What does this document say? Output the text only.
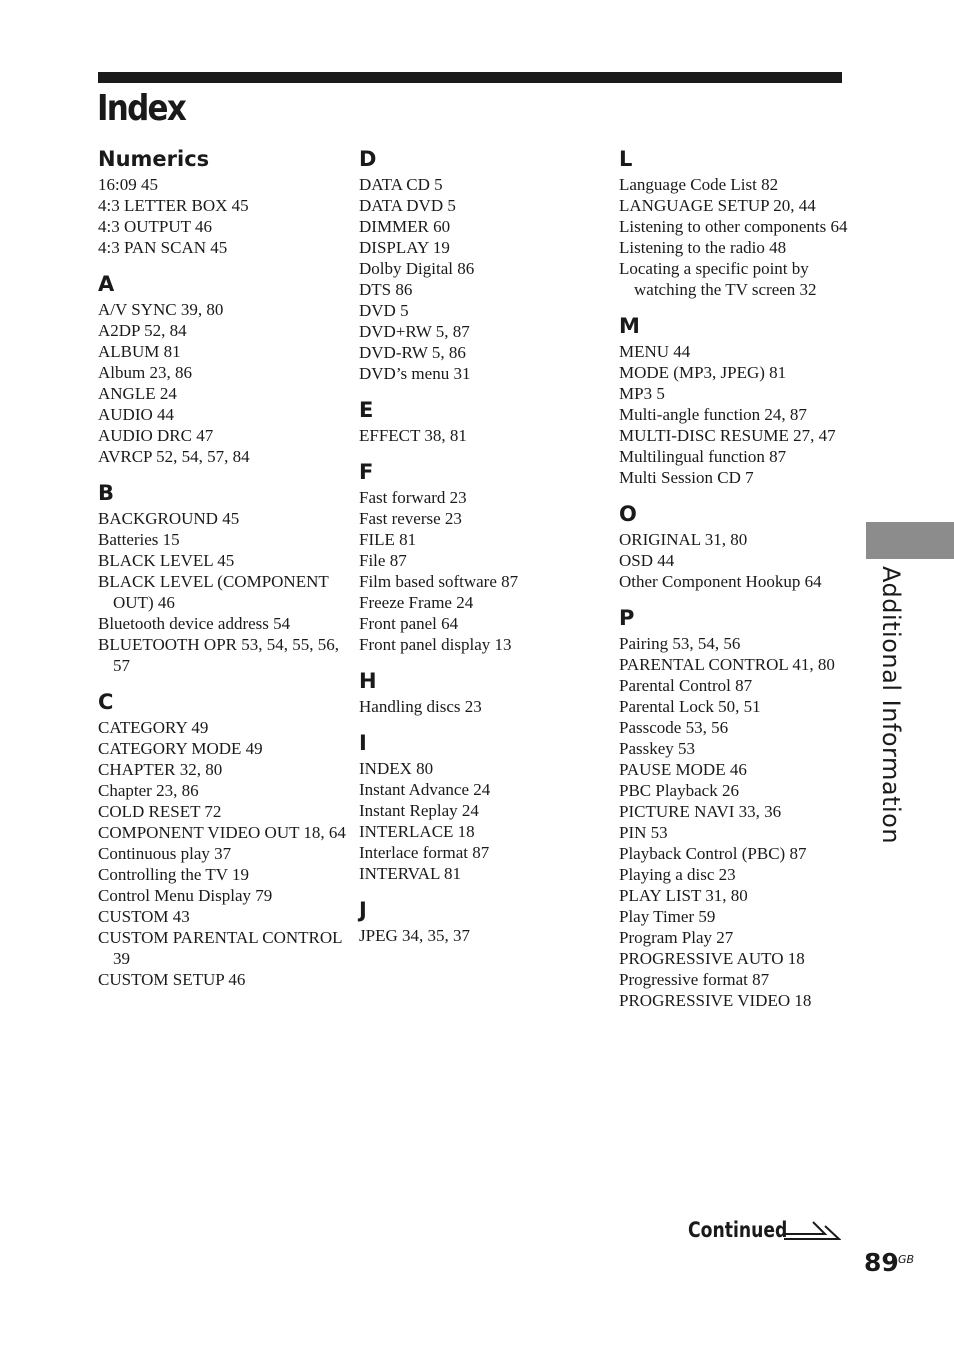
Index
Numerics
16:09 45
4:3 LETTER BOX 45
4:3 OUTPUT 46
4:3 PAN SCAN 45
A
A/V SYNC 39, 80
A2DP 52, 84
ALBUM 81
Album 23, 86
ANGLE 24
AUDIO 44
AUDIO DRC 47
AVRCP 52, 54, 57, 84
B
BACKGROUND 45
Batteries 15
BLACK LEVEL 45
BLACK LEVEL (COMPONENT OUT) 46
Bluetooth device address 54
BLUETOOTH OPR 53, 54, 55, 56, 57
C
CATEGORY 49
CATEGORY MODE 49
CHAPTER 32, 80
Chapter 23, 86
COLD RESET 72
COMPONENT VIDEO OUT 18, 64
Continuous play 37
Controlling the TV 19
Control Menu Display 79
CUSTOM 43
CUSTOM PARENTAL CONTROL 39
CUSTOM SETUP 46
D
DATA CD 5
DATA DVD 5
DIMMER 60
DISPLAY 19
Dolby Digital 86
DTS 86
DVD 5
DVD+RW 5, 87
DVD-RW 5, 86
DVD’s menu 31
E
EFFECT 38, 81
F
Fast forward 23
Fast reverse 23
FILE 81
File 87
Film based software 87
Freeze Frame 24
Front panel 64
Front panel display 13
H
Handling discs 23
I
INDEX 80
Instant Advance 24
Instant Replay 24
INTERLACE 18
Interlace format 87
INTERVAL 81
J
JPEG 34, 35, 37
L
Language Code List 82
LANGUAGE SETUP 20, 44
Listening to other components 64
Listening to the radio 48
Locating a specific point by watching the TV screen 32
M
MENU 44
MODE (MP3, JPEG) 81
MP3 5
Multi-angle function 24, 87
MULTI-DISC RESUME 27, 47
Multilingual function 87
Multi Session CD 7
O
ORIGINAL 31, 80
OSD 44
Other Component Hookup 64
P
Pairing 53, 54, 56
PARENTAL CONTROL 41, 80
Parental Control 87
Parental Lock 50, 51
Passcode 53, 56
Passkey 53
PAUSE MODE 46
PBC Playback 26
PICTURE NAVI 33, 36
PIN 53
Playback Control (PBC) 87
Playing a disc 23
PLAY LIST 31, 80
Play Timer 59
Program Play 27
PROGRESSIVE AUTO 18
Progressive format 87
PROGRESSIVE VIDEO 18
Additional Information
Continued
89 GB
